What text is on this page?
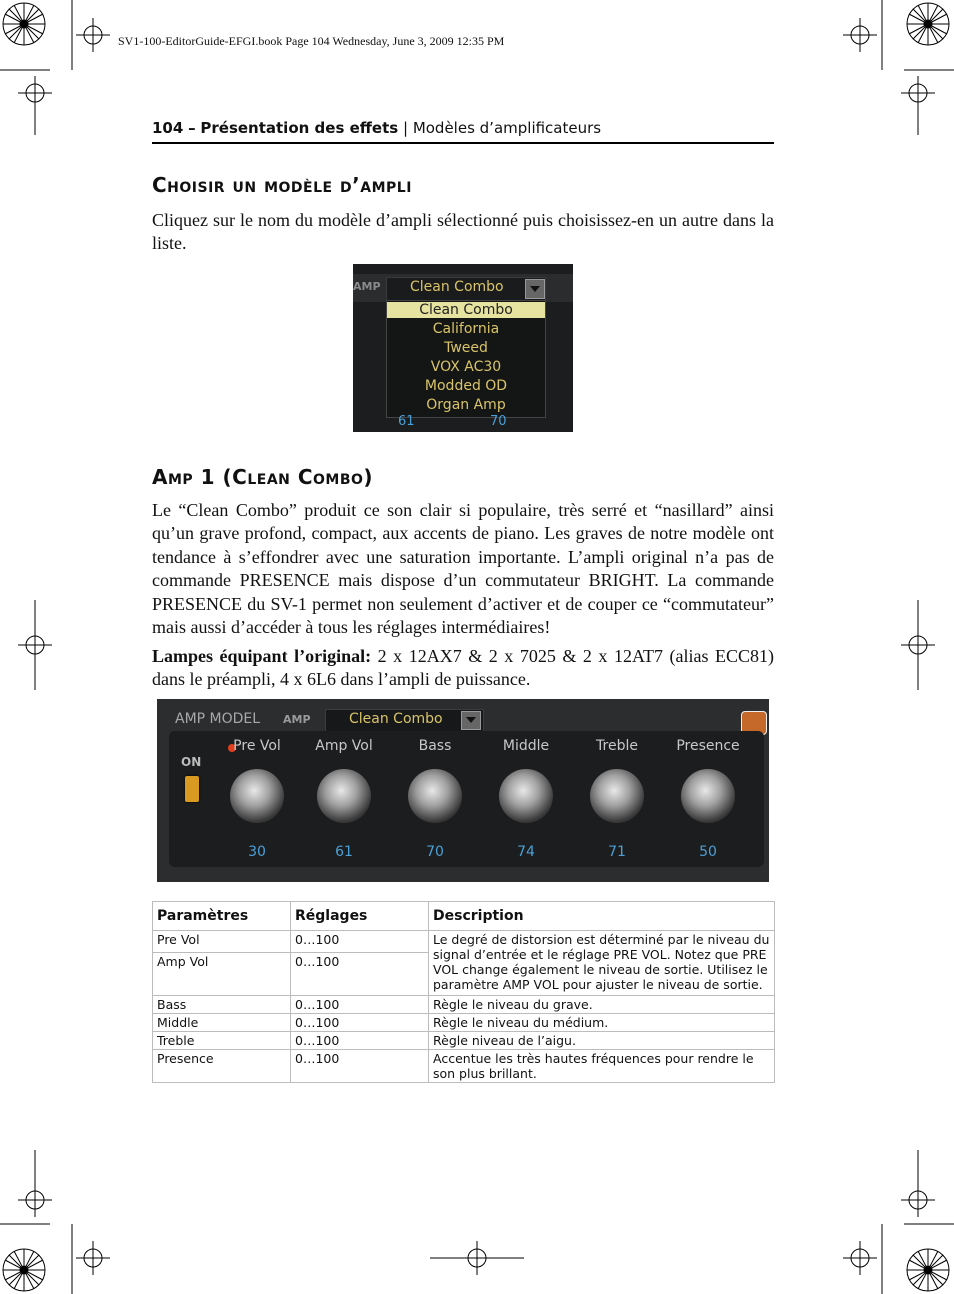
SV1-100-EditorGuide-EFGI.book Page 104 Wednesday, June 3, 2009 12:35 PM
104 – Présentation des effets | Modèles d’amplificateurs
Choisir un modèle d’ampli

Cliquez sur le nom du modèle d’ampli sélectionné puis choisissez-en un autre dans la liste.

AMP Clean Combo
Clean Combo
California
Tweed
VOX AC30
Modded OD
Organ Amp
61	70
Amp 1 (Clean Combo)

Le “Clean Combo” produit ce son clair si populaire, très serré et “nasillard” ainsi qu’un grave profond, compact, aux accents de piano. Les graves de notre modèle ont tendance à s’effondrer avec une saturation importante. L’ampli original n’a pas de commande PRESENCE mais dispose d’un commutateur BRIGHT. La commande PRESENCE du SV-1 permet non seulement d’activer et de couper ce “commutateur” mais aussi d’accéder à tous les réglages intermédiaires!

Lampes équipant l’original: 2 x 12AX7 & 2 x 7025 & 2 x 12AT7 (alias ECC81) dans le préampli, 4 x 6L6 dans l’ampli de puissance.

AMP MODEL AMP	Clean Combo
ON
Pre Vol	Amp Vol	Bass	Middle	Treble	Presence
30	61	70	74	71	50
Paramètres	Réglages	Description
Pre Vol	0…100	Le degré de distorsion est déterminé par le niveau du signal d’entrée et le réglage PRE VOL. Notez que PRE VOL change également le niveau de sortie. Utilisez le paramètre AMP VOL pour ajuster le niveau de sortie.
Amp Vol	0…100	
Bass	0…100	Règle le niveau du grave.
Middle	0…100	Règle le niveau du médium.
Treble	0…100	Règle niveau de l’aigu.
Presence	0…100	Accentue les très hautes fréquences pour rendre le son plus brillant.
